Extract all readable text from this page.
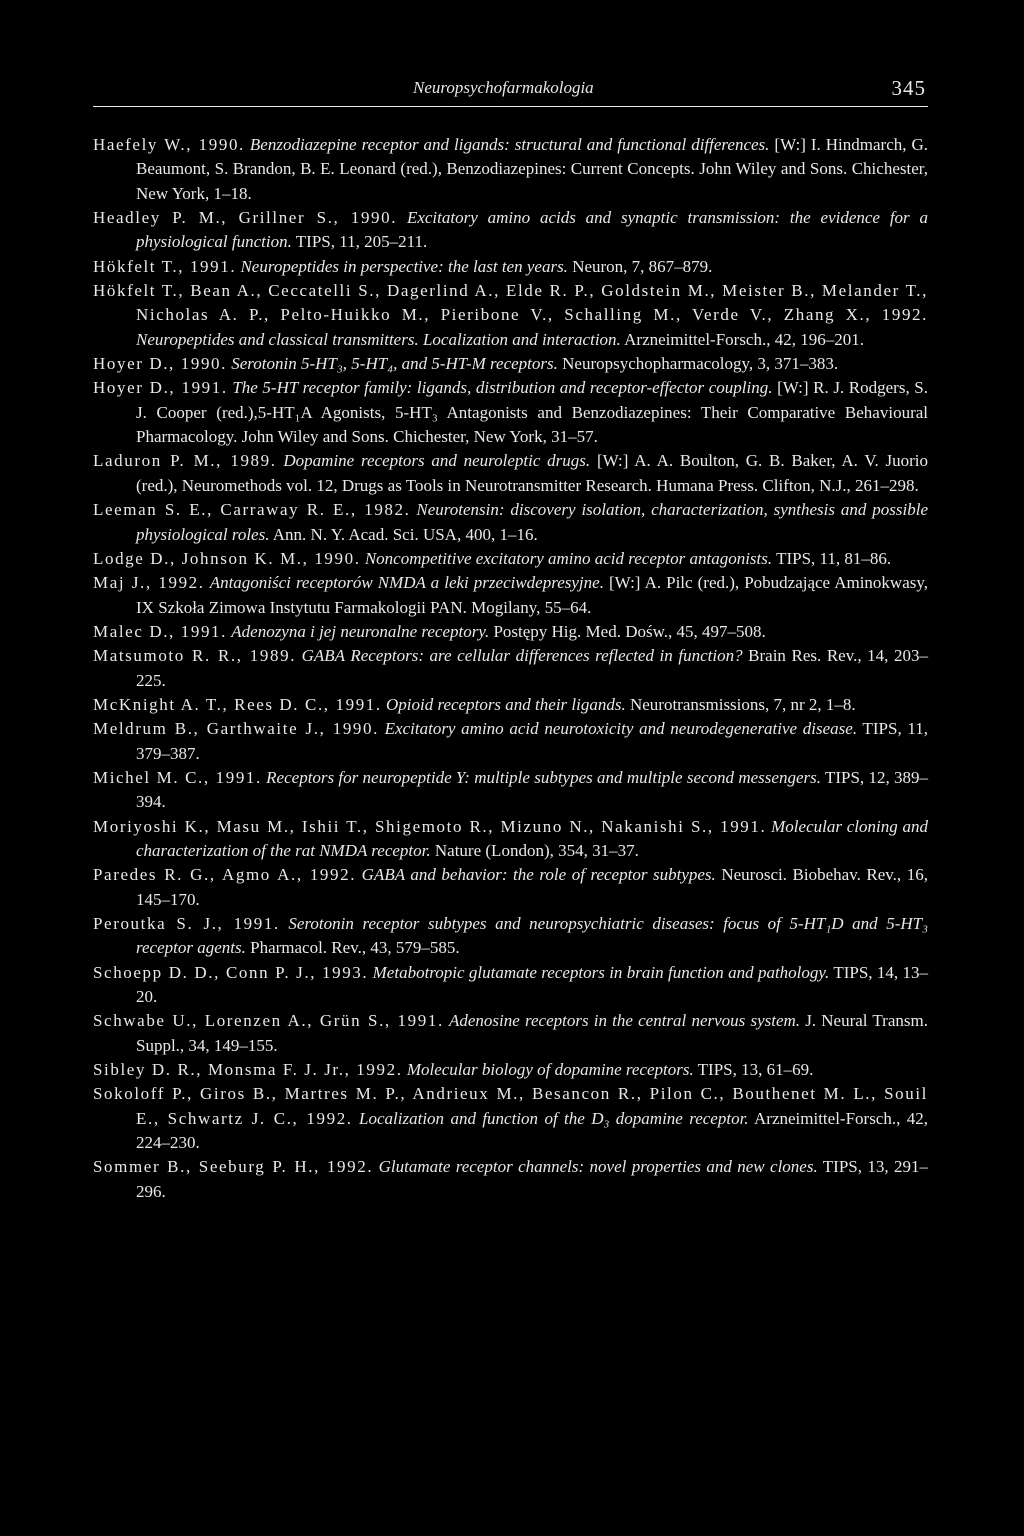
Neuropsychofarmakologia	345
Haefely W., 1990. Benzodiazepine receptor and ligands: structural and functional differences. [W:] I. Hindmarch, G. Beaumont, S. Brandon, B. E. Leonard (red.), Benzodiazepines: Current Concepts. John Wiley and Sons. Chichester, New York, 1–18.
Headley P. M., Grillner S., 1990. Excitatory amino acids and synaptic transmission: the evidence for a physiological function. TIPS, 11, 205–211.
Hökfelt T., 1991. Neuropeptides in perspective: the last ten years. Neuron, 7, 867–879.
Hökfelt T., Bean A., Ceccatelli S., Dagerlind A., Elde R. P., Goldstein M., Meister B., Melander T., Nicholas A. P., Pelto-Huikko M., Pieribone V., Schalling M., Verde V., Zhang X., 1992. Neuropeptides and classical transmitters. Localization and interaction. Arzneimittel-Forsch., 42, 196–201.
Hoyer D., 1990. Serotonin 5-HT₃, 5-HT₄, and 5-HT-M receptors. Neuropsychopharmacology, 3, 371–383.
Hoyer D., 1991. The 5-HT receptor family: ligands, distribution and receptor-effector coupling. [W:] R. J. Rodgers, S. J. Cooper (red.),5-HT₁A Agonists, 5-HT₃ Antagonists and Benzodiazepines: Their Comparative Behavioural Pharmacology. John Wiley and Sons. Chichester, New York, 31–57.
Laduron P. M., 1989. Dopamine receptors and neuroleptic drugs. [W:] A. A. Boulton, G. B. Baker, A. V. Juorio (red.), Neuromethods vol. 12, Drugs as Tools in Neurotransmitter Research. Humana Press. Clifton, N.J., 261–298.
Leeman S. E., Carraway R. E., 1982. Neurotensin: discovery isolation, characterization, synthesis and possible physiological roles. Ann. N. Y. Acad. Sci. USA, 400, 1–16.
Lodge D., Johnson K. M., 1990. Noncompetitive excitatory amino acid receptor antagonists. TIPS, 11, 81–86.
Maj J., 1992. Antagoniści receptorów NMDA a leki przeciwdepresyjne. [W:] A. Pilc (red.), Pobudzające Aminokwasy, IX Szkoła Zimowa Instytutu Farmakologii PAN. Mogilany, 55–64.
Malec D., 1991. Adenozyna i jej neuronalne receptory. Postępy Hig. Med. Dośw., 45, 497–508.
Matsumoto R. R., 1989. GABA Receptors: are cellular differences reflected in function? Brain Res. Rev., 14, 203–225.
McKnight A. T., Rees D. C., 1991. Opioid receptors and their ligands. Neurotransmissions, 7, nr 2, 1–8.
Meldrum B., Garthwaite J., 1990. Excitatory amino acid neurotoxicity and neurodegenerative disease. TIPS, 11, 379–387.
Michel M. C., 1991. Receptors for neuropeptide Y: multiple subtypes and multiple second messengers. TIPS, 12, 389–394.
Moriyoshi K., Masu M., Ishii T., Shigemoto R., Mizuno N., Nakanishi S., 1991. Molecular cloning and characterization of the rat NMDA receptor. Nature (London), 354, 31–37.
Paredes R. G., Agmo A., 1992. GABA and behavior: the role of receptor subtypes. Neurosci. Biobehav. Rev., 16, 145–170.
Peroutka S. J., 1991. Serotonin receptor subtypes and neuropsychiatric diseases: focus of 5-HT₁D and 5-HT₃ receptor agents. Pharmacol. Rev., 43, 579–585.
Schoepp D. D., Conn P. J., 1993. Metabotropic glutamate receptors in brain function and pathology. TIPS, 14, 13–20.
Schwabe U., Lorenzen A., Grün S., 1991. Adenosine receptors in the central nervous system. J. Neural Transm. Suppl., 34, 149–155.
Sibley D. R., Monsma F. J. Jr., 1992. Molecular biology of dopamine receptors. TIPS, 13, 61–69.
Sokoloff P., Giros B., Martres M. P., Andrieux M., Besancon R., Pilon C., Bouthenet M. L., Souil E., Schwartz J. C., 1992. Localization and function of the D₃ dopamine receptor. Arzneimittel-Forsch., 42, 224–230.
Sommer B., Seeburg P. H., 1992. Glutamate receptor channels: novel properties and new clones. TIPS, 13, 291–296.
